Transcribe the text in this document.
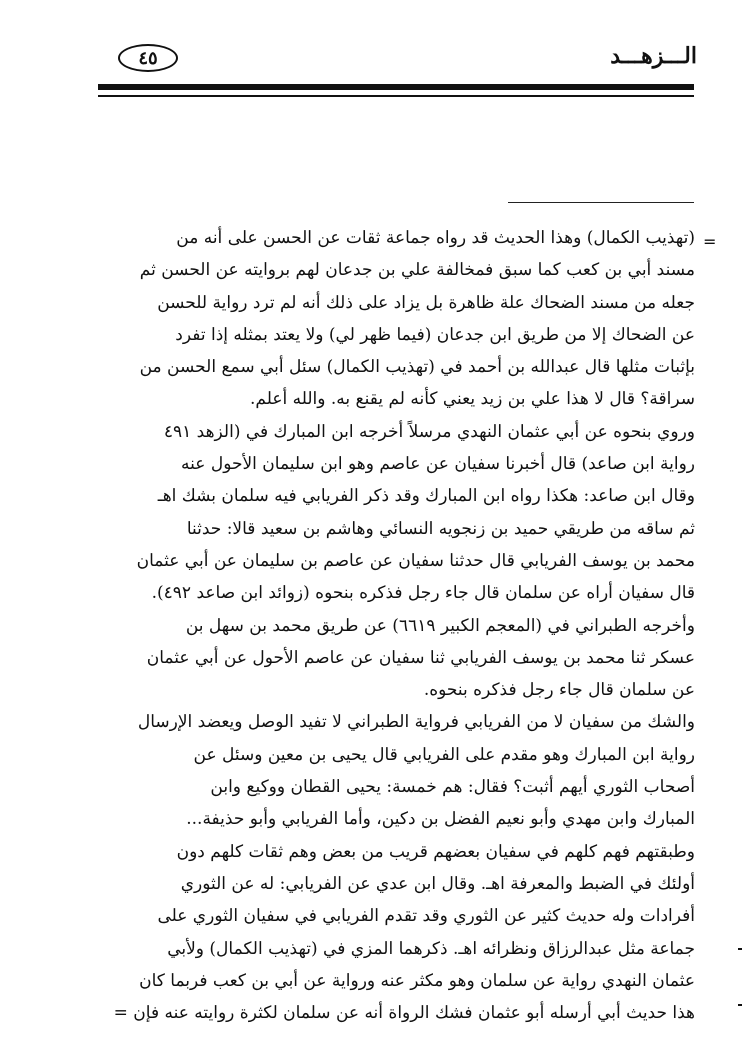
٤٥	الـــزهـــد
=
(تهذيب الكمال) وهذا الحديث قد رواه جماعة ثقات عن الحسن على أنه من
مسند أبي بن كعب كما سبق فمخالفة علي بن جدعان لهم بروايته عن الحسن ثم
جعله من مسند الضحاك علة ظاهرة بل يزاد على ذلك أنه لم ترد رواية للحسن
عن الضحاك إلا من طريق ابن جدعان (فيما ظهر لي) ولا يعتد بمثله إذا تفرد
بإثبات مثلها قال عبدالله بن أحمد في (تهذيب الكمال) سئل أبي سمع الحسن من
سراقة؟ قال لا هذا علي بن زيد يعني كأنه لم يقنع به. والله أعلم.
وروي بنحوه عن أبي عثمان النهدي مرسلاً أخرجه ابن المبارك في (الزهد ٤٩١
رواية ابن صاعد) قال أخبرنا سفيان عن عاصم وهو ابن سليمان الأحول عنه
وقال ابن صاعد: هكذا رواه ابن المبارك وقد ذكر الفريابي فيه سلمان بشك اهـ
ثم ساقه من طريقي حميد بن زنجويه النسائي وهاشم بن سعيد قالا: حدثنا
محمد بن يوسف الفريابي قال حدثنا سفيان عن عاصم بن سليمان عن أبي عثمان
قال سفيان أراه عن سلمان قال جاء رجل فذكره بنحوه (زوائد ابن صاعد ٤٩٢).
وأخرجه الطبراني في (المعجم الكبير ٦٦١٩) عن طريق محمد بن سهل بن
عسكر ثنا محمد بن يوسف الفريابي ثنا سفيان عن عاصم الأحول عن أبي عثمان
عن سلمان قال جاء رجل فذكره بنحوه.
والشك من سفيان لا من الفريابي فرواية الطبراني لا تفيد الوصل ويعضد الإرسال
رواية ابن المبارك وهو مقدم على الفريابي قال يحيى بن معين وسئل عن
أصحاب الثوري أيهم أثبت؟ فقال: هم خمسة: يحيى القطان ووكيع وابن
المبارك وابن مهدي وأبو نعيم الفضل بن دكين، وأما الفريابي وأبو حذيفة...
وطبقتهم فهم كلهم في سفيان بعضهم قريب من بعض وهم ثقات كلهم دون
أولئك في الضبط والمعرفة اهـ. وقال ابن عدي عن الفريابي: له عن الثوري
أفرادات وله حديث كثير عن الثوري وقد تقدم الفريابي في سفيان الثوري على
جماعة مثل عبدالرزاق ونظرائه اهـ. ذكرهما المزي في (تهذيب الكمال) ولأبي
عثمان النهدي رواية عن سلمان وهو مكثر عنه ورواية عن أبي بن كعب فربما كان
هذا حديث أبي أرسله أبو عثمان فشك الرواة أنه عن سلمان لكثرة روايته عنه فإن =
